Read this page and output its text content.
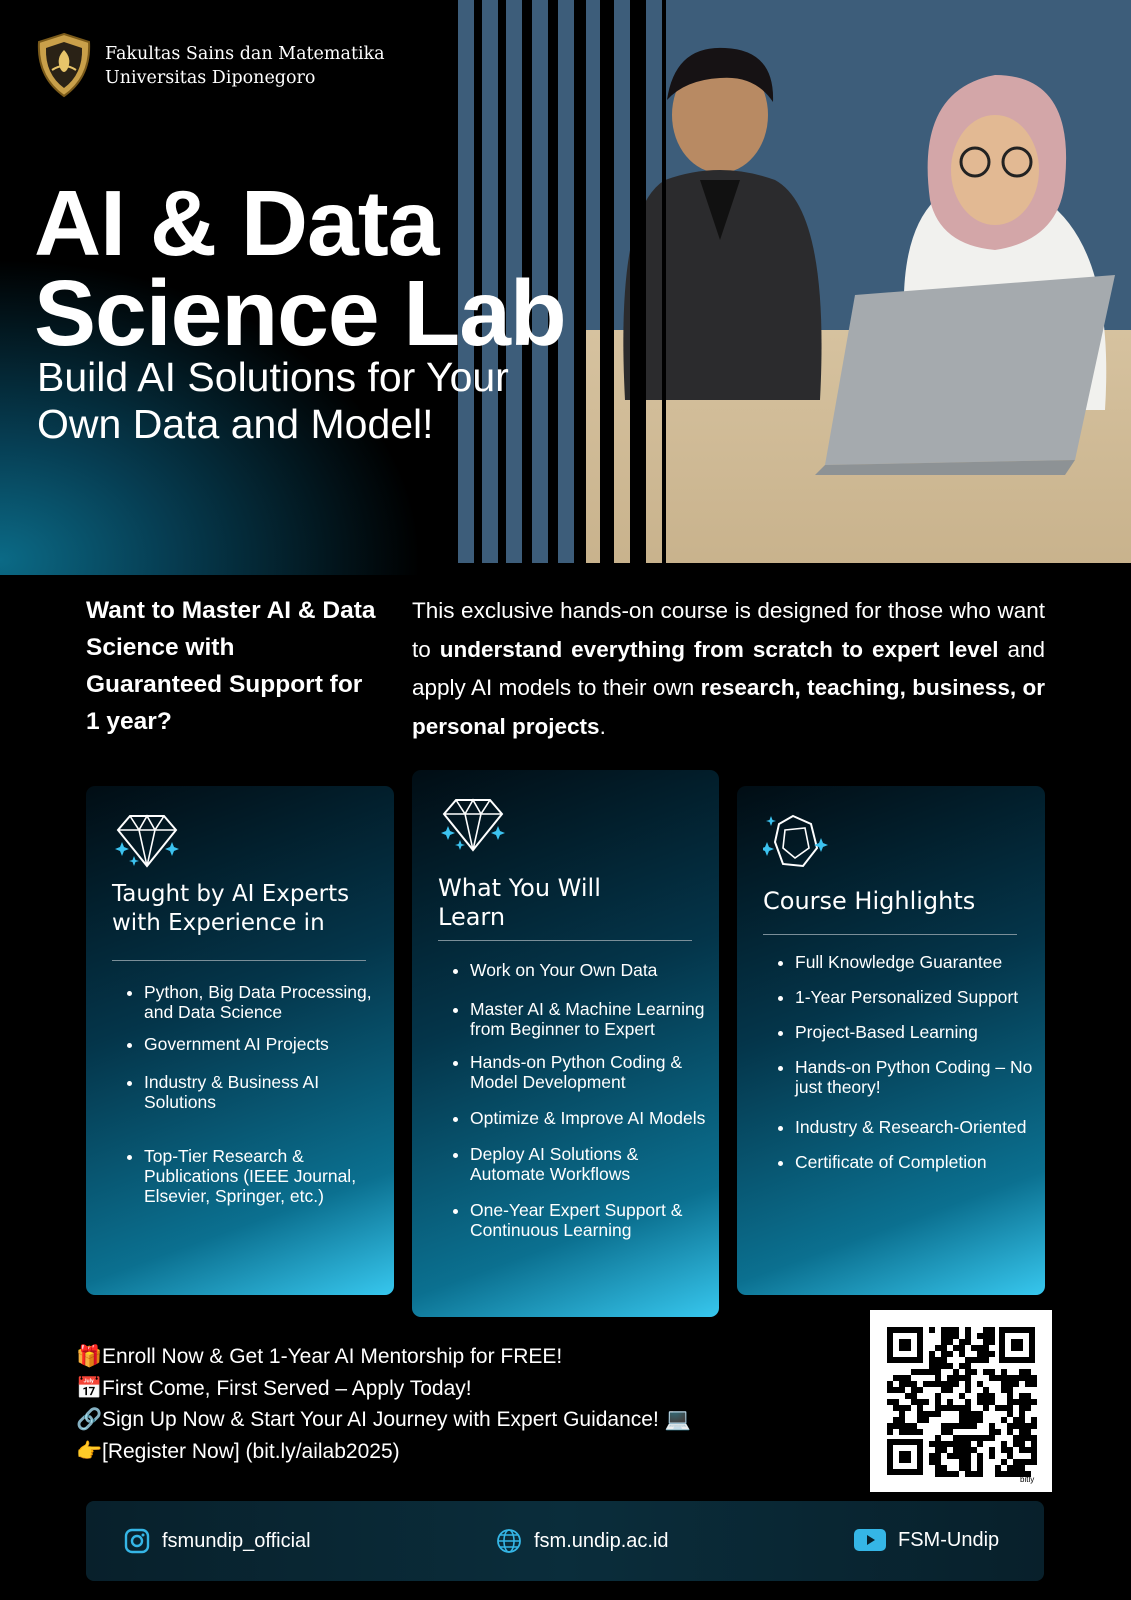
Fakultas Sains dan Matematika
Universitas Diponegoro
AI & Data
Science Lab
Build AI Solutions for Your
Own Data and Model!
Want to Master AI & Data Science with Guaranteed Support for 1 year?
This exclusive hands-on course is designed for those who want to understand everything from scratch to expert level and apply AI models to their own research, teaching, business, or personal projects.
Taught by AI Experts with Experience in
• Python, Big Data Processing, and Data Science
• Government AI Projects
• Industry & Business AI Solutions
• Top-Tier Research & Publications (IEEE Journal, Elsevier, Springer, etc.)
What You Will Learn
• Work on Your Own Data
• Master AI & Machine Learning from Beginner to Expert
• Hands-on Python Coding & Model Development
• Optimize & Improve AI Models
• Deploy AI Solutions & Automate Workflows
• One-Year Expert Support & Continuous Learning
Course Highlights
• Full Knowledge Guarantee
• 1-Year Personalized Support
• Project-Based Learning
• Hands-on Python Coding – No just theory!
• Industry & Research-Oriented
• Certificate of Completion
🎁Enroll Now & Get 1-Year AI Mentorship for FREE!
📅First Come, First Served – Apply Today!
🔗Sign Up Now & Start Your AI Journey with Expert Guidance! 💻
👉[Register Now] (bit.ly/ailab2025)
bitly
fsmundip_official	fsm.undip.ac.id	FSM-Undip
